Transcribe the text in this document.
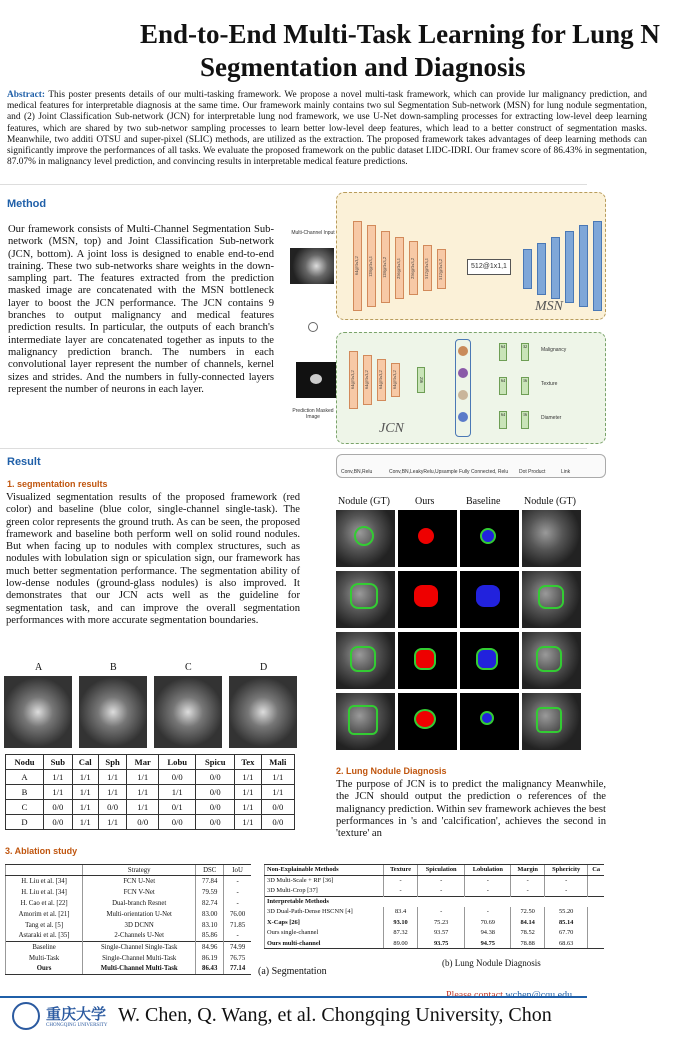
End-to-End Multi-Task Learning for Lung N
Segmentation and Diagnosis
Abstract: This poster presents details of our multi-tasking framework. We propose a novel multi-task framework, which can provide lur malignancy prediction, and medical features for interpretable diagnosis at the same time. Our framework mainly contains two sul Segmentation Sub-network (MSN) for lung nodule segmentation, and (2) Joint Classification Sub-network (JCN) for interpretable lung nod framework, we use U-Net down-sampling processes for extracting low-level deep learning features, which are shared by two sub-networ sampling processes to learn better low-level deep features, which lead to a better construct of segmentation masks. Meanwhile, two additi OTSU and super-pixel (SLIC) methods, are utilized as the extraction. The proposed framework takes advantages of deep learning methods can significantly improve the performances of all tasks. We evaluate the proposed framework on the public dataset LIDC-IDRI. Our framev score of 86.43% in segmentation, 87.07% in malignancy level prediction, and convincing results in interpretable medical feature predictions.
Method
Our framework consists of Multi-Channel Segmentation Sub-network (MSN, top) and Joint Classification Sub-network (JCN, bottom). A joint loss is designed to enable end-to-end training. These two sub-networks share weights in the down-sampling part. The features extracted from the prediction masked image are concatenated with the MSN bottleneck layer to boost the JCN performance. The JCN contains 9 branches to output malignancy and medical features prediction results. In particular, the outputs of each branch's intermediate layer are concatenated together as inputs to the malignancy prediction branch. The numbers in each convolutional layer represent the number of channels, kernel sizes and strides. And the numbers in fully-connected layers represent the number of neurons in each layer.
Multi-Channel Input
Prediction Masked Image
64@3x3,2	128@3x3,1	128@3x3,2	256@3x3,1	256@3x3,2	512@3x3,1	512@3x3,2	512@1x1,1
MSN
64@3x3,2	64@3x3,2	64@3x3,2	64@3x3,2	256
64	32
64	16
64	16
Malignancy
Texture
Diameter
JCN
Conv,BN,Relu	Conv,BN,LeakyRelu,Upsample Fully Connected, Relu Dot Product	Link
Result
1. segmentation results
Visualized segmentation results of the proposed framework (red color) and baseline (blue color, single-channel single-task). The green color represents the ground truth. As can be seen, the proposed framework and baseline both perform well on solid round nodules. But when facing up to nodules with complex structures, such as nodules with lobulation sign or spiculation sign, our framework has much better segmentation performance. The segmentation ability of low-dense nodules (ground-glass nodules) is also improved. It demonstrates that our JCN acts well as the guideline for segmentation task, and can improve the overall segmentation performances with more accurate segmentation boundaries.
Nodule (GT)	Ours	Baseline Nodule (GT)
A	B	C	D
Nodu	Sub	Cal	Sph	Mar	Lobu	Spicu	Tex	Mali
A	1/1	1/1	1/1	1/1	0/0	0/0	1/1	1/1
B	1/1	1/1	1/1	1/1	1/1	0/0	1/1	1/1
C	0/0	1/1	0/0	1/1	0/1	0/0	1/1	0/0
D	0/0	1/1	1/1	0/0	0/0	0/0	1/1	0/0
2. Lung Nodule Diagnosis
The purpose of JCN is to predict the malignancy Meanwhile, the JCN should output the prediction o references of the malignancy prediction. Within sev framework achieves the best performances in 's and 'calcification', achieves the second in 'texture' an
3. Ablation study
	Strategy	DSC	IoU
H. Liu et al. [34]	FCN U-Net	77.84	-
H. Liu et al. [34]	FCN V-Net	79.59	-
H. Cao et al. [22]	Dual-branch Resnet	82.74	-
Amorim et al. [21]	Multi-orientation U-Net	83.00	76.00
Tang et al. [5]	3D DCNN	83.10	71.85
Astaraki et al. [35]	2-Channels U-Net	85.86	-
Baseline	Single-Channel Single-Task	84.96	74.99
Multi-Task	Single-Channel Multi-Task	86.19	76.75
Ours	Multi-Channel Multi-Task	86.43	77.14 (a) Segmentation
Non-Explainable Methods	Texture	Spiculation	Lobulation	Margin	Sphericity	Ca
3D Multi-Scale + RF [36]	-	-	-	-	-	
3D Multi-Crop [37]	-	-	-	-	-	
Interpretable Methods						
3D Dual-Path-Dense HSCNN [4]	83.4	-	-	72.50	55.20	
X-Caps [26]	93.10	75.23	70.69	84.14	85.14	
Ours single-channel	87.32	93.57	94.38	78.52	67.70	
Ours multi-channel	89.00	93.75	94.75	78.88	68.63	
(b) Lung Nodule Diagnosis
重庆大学
CHONGQING UNIVERSITY W. Chen, Q. Wang, et al. Chongqing University, Chon
